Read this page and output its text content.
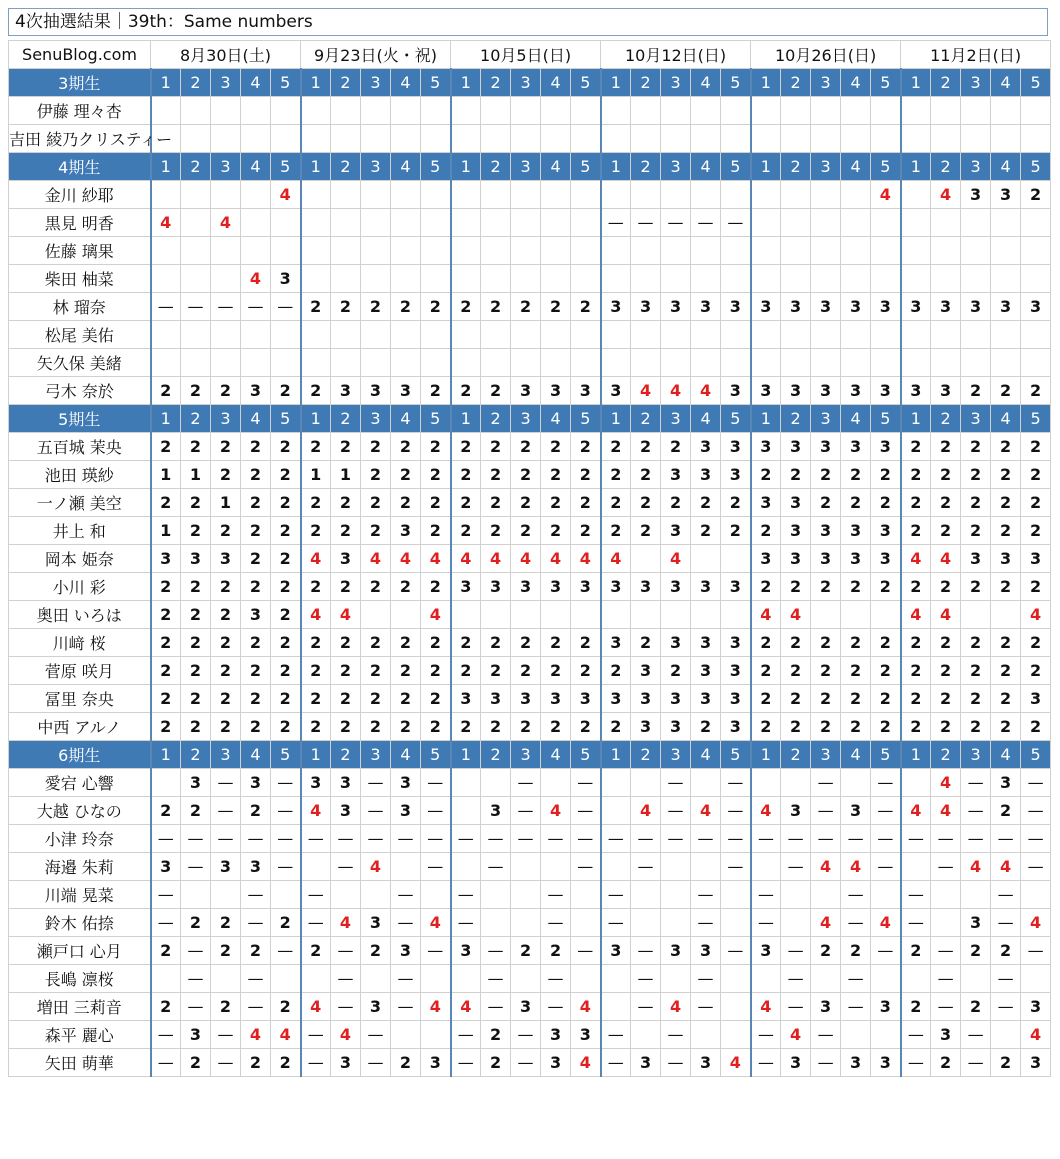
4次抽選結果｜39th：Same numbers
SenuBlog.com	8月30日(土)					9月23日(火・祝)					10月5日(日)					10月12日(日)					10月26日(日)					11月2日(日)				
3期生	1	2	3	4	5	1	2	3	4	5	1	2	3	4	5	1	2	3	4	5	1	2	3	4	5	1	2	3	4	5
伊藤 理々杏																														
吉田 綾乃クリスティー																														
4期生	1	2	3	4	5	1	2	3	4	5	1	2	3	4	5	1	2	3	4	5	1	2	3	4	5	1	2	3	4	5
金川 紗耶					4																				4		4	3	3	2
黒見 明香	4		4													—	—	—	—	—										
佐藤 璃果																														
柴田 柚菜				4	3																									
林 瑠奈	—	—	—	—	—	2	2	2	2	2	2	2	2	2	2	3	3	3	3	3	3	3	3	3	3	3	3	3	3	3
松尾 美佑																														
矢久保 美緒																														
弓木 奈於	2	2	2	3	2	2	3	3	3	2	2	2	3	3	3	3	4	4	4	3	3	3	3	3	3	3	3	2	2	2
5期生	1	2	3	4	5	1	2	3	4	5	1	2	3	4	5	1	2	3	4	5	1	2	3	4	5	1	2	3	4	5
五百城 茉央	2	2	2	2	2	2	2	2	2	2	2	2	2	2	2	2	2	2	3	3	3	3	3	3	3	2	2	2	2	2
池田 瑛紗	1	1	2	2	2	1	1	2	2	2	2	2	2	2	2	2	2	3	3	3	2	2	2	2	2	2	2	2	2	2
一ノ瀬 美空	2	2	1	2	2	2	2	2	2	2	2	2	2	2	2	2	2	2	2	2	3	3	2	2	2	2	2	2	2	2
井上 和	1	2	2	2	2	2	2	2	3	2	2	2	2	2	2	2	2	3	2	2	2	3	3	3	3	2	2	2	2	2
岡本 姫奈	3	3	3	2	2	4	3	4	4	4	4	4	4	4	4	4		4			3	3	3	3	3	4	4	3	3	3
小川 彩	2	2	2	2	2	2	2	2	2	2	3	3	3	3	3	3	3	3	3	3	2	2	2	2	2	2	2	2	2	2
奥田 いろは	2	2	2	3	2	4	4			4											4	4				4	4			4
川﨑 桜	2	2	2	2	2	2	2	2	2	2	2	2	2	2	2	3	2	3	3	3	2	2	2	2	2	2	2	2	2	2
菅原 咲月	2	2	2	2	2	2	2	2	2	2	2	2	2	2	2	2	3	2	3	3	2	2	2	2	2	2	2	2	2	2
冨里 奈央	2	2	2	2	2	2	2	2	2	2	3	3	3	3	3	3	3	3	3	3	2	2	2	2	2	2	2	2	2	3
中西 アルノ	2	2	2	2	2	2	2	2	2	2	2	2	2	2	2	2	3	3	2	3	2	2	2	2	2	2	2	2	2	2
6期生	1	2	3	4	5	1	2	3	4	5	1	2	3	4	5	1	2	3	4	5	1	2	3	4	5	1	2	3	4	5
愛宕 心響		3	—	3	—	3	3	—	3	—			—		—			—		—			—		—		4	—	3	—
大越 ひなの	2	2	—	2	—	4	3	—	3	—		3	—	4	—		4	—	4	—	4	3	—	3	—	4	4	—	2	—
小津 玲奈	—	—	—	—	—	—	—	—	—	—	—	—	—	—	—	—	—	—	—	—	—	—	—	—	—	—	—	—	—	—
海邉 朱莉	3	—	3	3	—		—	4		—		—			—		—			—		—	4	4	—		—	4	4	—
川端 晃菜	—			—		—			—		—			—		—			—		—			—		—			—	
鈴木 佑捺	—	2	2	—	2	—	4	3	—	4	—			—		—			—		—		4	—	4	—		3	—	4
瀬戸口 心月	2	—	2	2	—	2	—	2	3	—	3	—	2	2	—	3	—	3	3	—	3	—	2	2	—	2	—	2	2	—
長嶋 凛桜		—		—			—		—			—		—			—		—			—		—			—		—	
増田 三莉音	2	—	2	—	2	4	—	3	—	4	4	—	3	—	4		—	4	—		4	—	3	—	3	2	—	2	—	3
森平 麗心	—	3	—	4	4	—	4	—			—	2	—	3	3	—		—			—	4	—			—	3	—		4
矢田 萌華	—	2	—	2	2	—	3	—	2	3	—	2	—	3	4	—	3	—	3	4	—	3	—	3	3	—	2	—	2	3
